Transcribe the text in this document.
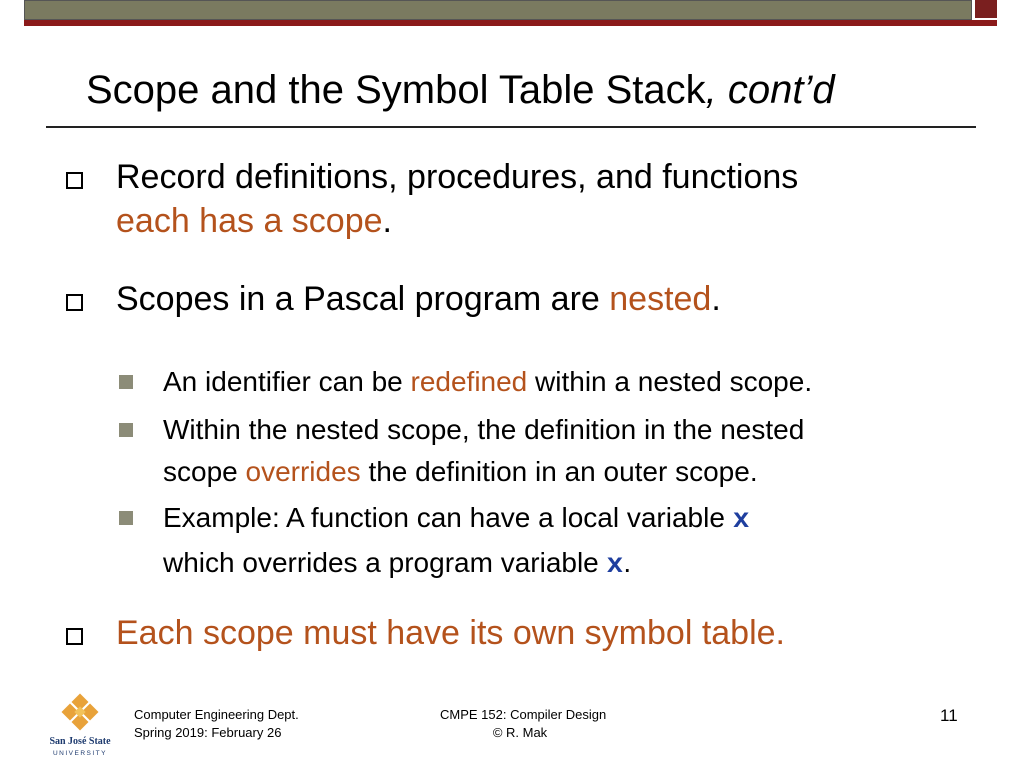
Scope and the Symbol Table Stack, cont’d
Record definitions, procedures, and functions
each has a scope.
Scopes in a Pascal program are nested.
An identifier can be redefined within a nested scope.
Within the nested scope, the definition in the nested
scope overrides the definition in an outer scope.
Example: A function can have a local variable x
which overrides a program variable x.
Each scope must have its own symbol table.
San José State
UNIVERSITY
Computer Engineering Dept.
Spring 2019: February 26
CMPE 152: Compiler Design
© R. Mak
11
